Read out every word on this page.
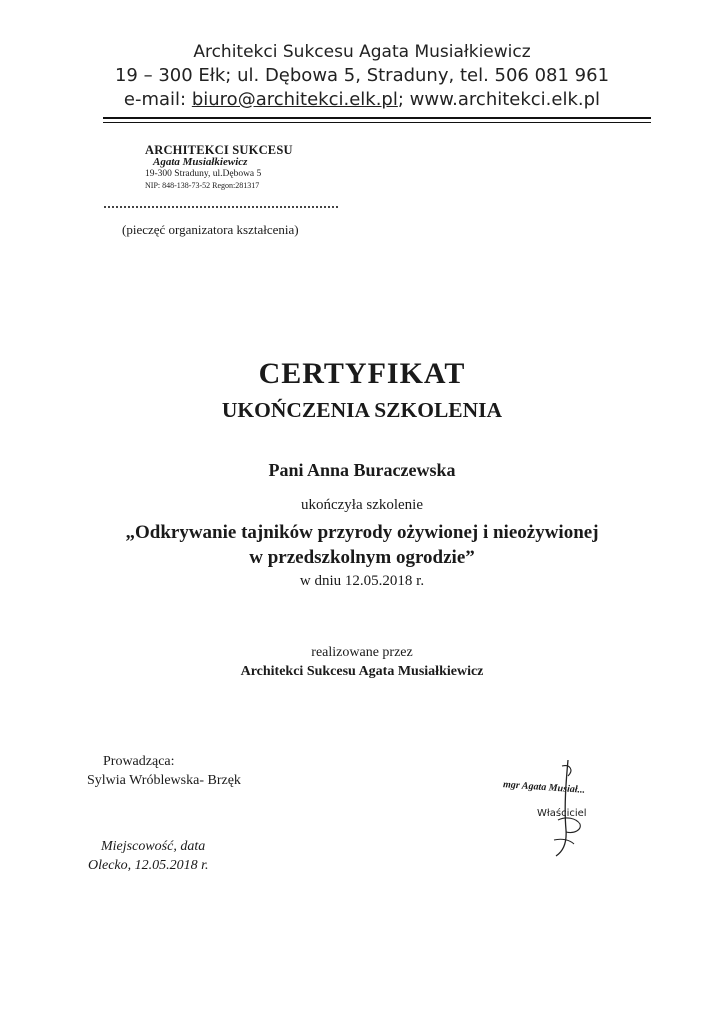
Architekci Sukcesu Agata Musiałkiewicz
19 – 300 Ełk; ul. Dębowa 5, Straduny, tel. 506 081 961
e-mail: biuro@architekci.elk.pl; www.architekci.elk.pl
ARCHITEKCI SUKCESU
Agata Musiałkiewicz
19-300 Straduny, ul.Dębowa 5
NIP: 848-138-73-52 Regon:281317
(pieczęć organizatora kształcenia)
CERTYFIKAT
UKOŃCZENIA SZKOLENIA
Pani Anna Buraczewska
ukończyła szkolenie
„Odkrywanie tajników przyrody ożywionej i nieożywionej
w przedszkolnym ogrodzie”
w dniu 12.05.2018 r.
realizowane przez
Architekci Sukcesu Agata Musiałkiewicz
Prowadząca:
Sylwia Wróblewska- Brzęk
Miejscowość, data
Olecko, 12.05.2018 r.
mgr Agata Musiał...
Właściciel
